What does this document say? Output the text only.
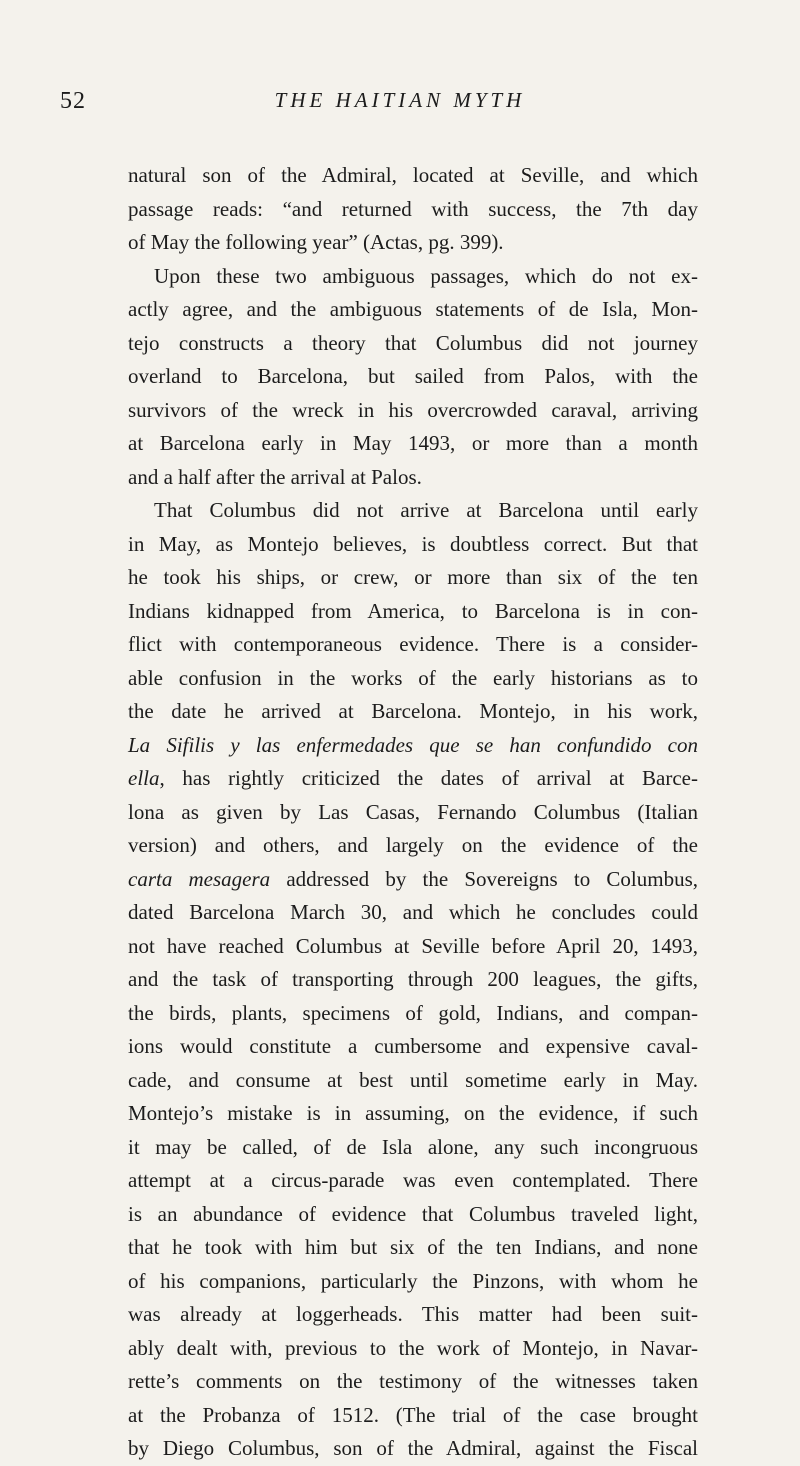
52	THE HAITIAN MYTH
natural son of the Admiral, located at Seville, and which
passage reads: “and returned with success, the 7th day
of May the following year” (Actas, pg. 399).
Upon these two ambiguous passages, which do not ex-
actly agree, and the ambiguous statements of de Isla, Mon-
tejo constructs a theory that Columbus did not journey
overland to Barcelona, but sailed from Palos, with the
survivors of the wreck in his overcrowded caraval, arriving
at Barcelona early in May 1493, or more than a month
and a half after the arrival at Palos.
That Columbus did not arrive at Barcelona until early
in May, as Montejo believes, is doubtless correct. But that
he took his ships, or crew, or more than six of the ten
Indians kidnapped from America, to Barcelona is in con-
flict with contemporaneous evidence. There is a consider-
able confusion in the works of the early historians as to
the date he arrived at Barcelona. Montejo, in his work,
La Sifilis y las enfermedades que se han confundido con
ella, has rightly criticized the dates of arrival at Barce-
lona as given by Las Casas, Fernando Columbus (Italian
version) and others, and largely on the evidence of the
carta mesagera addressed by the Sovereigns to Columbus,
dated Barcelona March 30, and which he concludes could
not have reached Columbus at Seville before April 20, 1493,
and the task of transporting through 200 leagues, the gifts,
the birds, plants, specimens of gold, Indians, and compan-
ions would constitute a cumbersome and expensive caval-
cade, and consume at best until sometime early in May.
Montejo’s mistake is in assuming, on the evidence, if such
it may be called, of de Isla alone, any such incongruous
attempt at a circus-parade was even contemplated. There
is an abundance of evidence that Columbus traveled light,
that he took with him but six of the ten Indians, and none
of his companions, particularly the Pinzons, with whom he
was already at loggerheads. This matter had been suit-
ably dealt with, previous to the work of Montejo, in Navar-
rette’s comments on the testimony of the witnesses taken
at the Probanza of 1512. (The trial of the case brought
by Diego Columbus, son of the Admiral, against the Fiscal
